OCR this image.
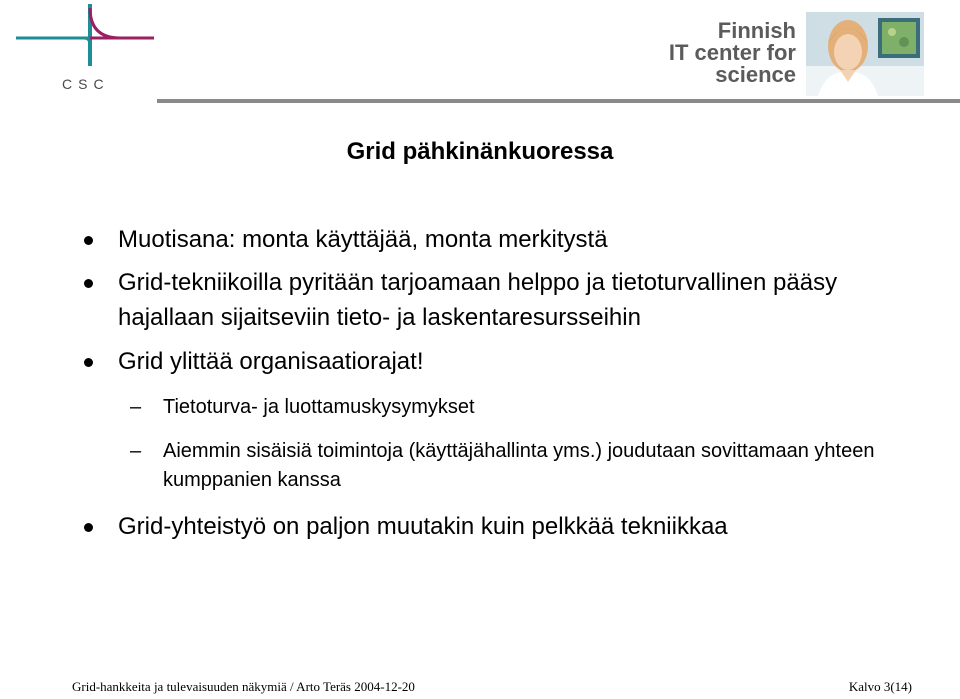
CSC
Finnish
IT center for
science
Grid pähkinänkuoressa
Muotisana: monta käyttäjää, monta merkitystä
Grid-tekniikoilla pyritään tarjoamaan helppo ja tietoturvallinen pääsy hajallaan sijaitseviin tieto- ja laskentaresursseihin
Grid ylittää organisaatiorajat!
– Tietoturva- ja luottamuskysymykset
– Aiemmin sisäisiä toimintoja (käyttäjähallinta yms.) joudutaan sovittamaan yhteen kumppanien kanssa
Grid-yhteistyö on paljon muutakin kuin pelkkää tekniikkaa
Grid-hankkeita ja tulevaisuuden näkymiä / Arto Teräs 2004-12-20	Kalvo 3(14)
